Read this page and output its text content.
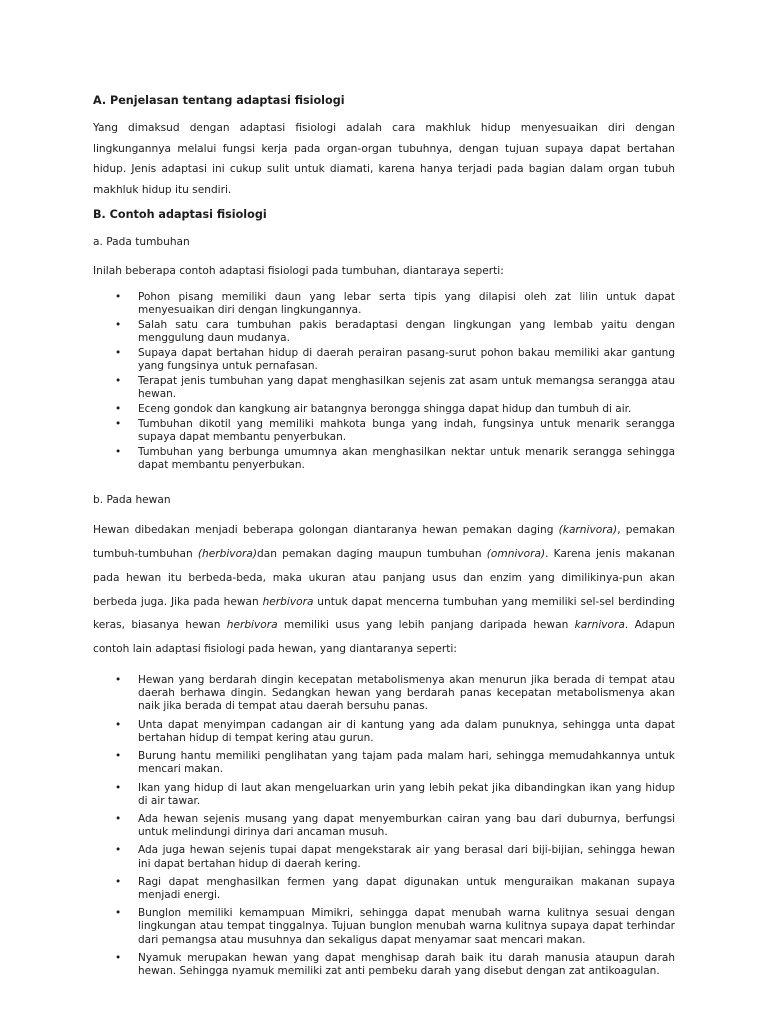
A. Penjelasan tentang adaptasi fisiologi

Yang dimaksud dengan adaptasi fisiologi adalah cara makhluk hidup menyesuaikan diri dengan lingkungannya melalui fungsi kerja pada organ-organ tubuhnya, dengan tujuan supaya dapat bertahan hidup. Jenis adaptasi ini cukup sulit untuk diamati, karena hanya terjadi pada bagian dalam organ tubuh makhluk hidup itu sendiri.

B. Contoh adaptasi fisiologi

a. Pada tumbuhan

Inilah beberapa contoh adaptasi fisiologi pada tumbuhan, diantaraya seperti:

• Pohon pisang memiliki daun yang lebar serta tipis yang dilapisi oleh zat lilin untuk dapat menyesuaikan diri dengan lingkungannya.
• Salah satu cara tumbuhan pakis beradaptasi dengan lingkungan yang lembab yaitu dengan menggulung daun mudanya.
• Supaya dapat bertahan hidup di daerah perairan pasang-surut pohon bakau memiliki akar gantung yang fungsinya untuk pernafasan.
• Terapat jenis tumbuhan yang dapat menghasilkan sejenis zat asam untuk memangsa serangga atau hewan.
• Eceng gondok dan kangkung air batangnya berongga shingga dapat hidup dan tumbuh di air.
• Tumbuhan dikotil yang memiliki mahkota bunga yang indah, fungsinya untuk menarik serangga supaya dapat membantu penyerbukan.
• Tumbuhan yang berbunga umumnya akan menghasilkan nektar untuk menarik serangga sehingga dapat membantu penyerbukan.

b. Pada hewan

Hewan dibedakan menjadi beberapa golongan diantaranya hewan pemakan daging (karnivora), pemakan tumbuh-tumbuhan (herbivora)dan pemakan daging maupun tumbuhan (omnivora). Karena jenis makanan pada hewan itu berbeda-beda, maka ukuran atau panjang usus dan enzim yang dimilikinya-pun akan berbeda juga. Jika pada hewan herbivora untuk dapat mencerna tumbuhan yang memiliki sel-sel berdinding keras, biasanya hewan herbivora memiliki usus yang lebih panjang daripada hewan karnivora. Adapun contoh lain adaptasi fisiologi pada hewan, yang diantaranya seperti:

• Hewan yang berdarah dingin kecepatan metabolismenya akan menurun jika berada di tempat atau daerah berhawa dingin. Sedangkan hewan yang berdarah panas kecepatan metabolismenya akan naik jika berada di tempat atau daerah bersuhu panas.
• Unta dapat menyimpan cadangan air di kantung yang ada dalam punuknya, sehingga unta dapat bertahan hidup di tempat kering atau gurun.
• Burung hantu memiliki penglihatan yang tajam pada malam hari, sehingga memudahkannya untuk mencari makan.
• Ikan yang hidup di laut akan mengeluarkan urin yang lebih pekat jika dibandingkan ikan yang hidup di air tawar.
• Ada hewan sejenis musang yang dapat menyemburkan cairan yang bau dari duburnya, berfungsi untuk melindungi dirinya dari ancaman musuh.
• Ada juga hewan sejenis tupai dapat mengekstarak air yang berasal dari biji-bijian, sehingga hewan ini dapat bertahan hidup di daerah kering.
• Ragi dapat menghasilkan fermen yang dapat digunakan untuk menguraikan makanan supaya menjadi energi.
• Bunglon memiliki kemampuan Mimikri, sehingga dapat menubah warna kulitnya sesuai dengan lingkungan atau tempat tinggalnya. Tujuan bunglon menubah warna kulitnya supaya dapat terhindar dari pemangsa atau musuhnya dan sekaligus dapat menyamar saat mencari makan.
• Nyamuk merupakan hewan yang dapat menghisap darah baik itu darah manusia ataupun darah hewan. Sehingga nyamuk memiliki zat anti pembeku darah yang disebut dengan zat antikoagulan.
